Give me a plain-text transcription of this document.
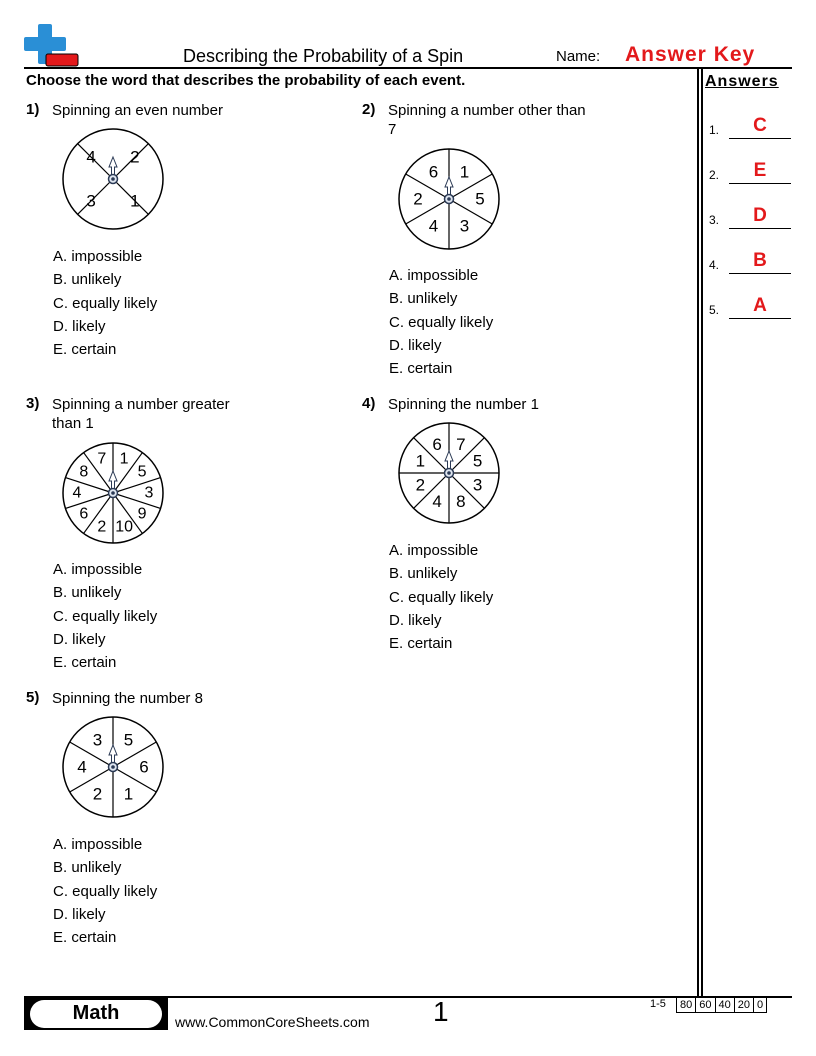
Describing the Probability of a Spin	Name: Answer Key
Choose the word that describes the probability of each event.	Answers
1.	C
2.	E
3.	D
4.	B
5.	A
1) Spinning an even number
2
1
3
4
A. impossible
B. unlikely
C. equally likely
D. likely
E. certain
2) Spinning a number other than 7
1
5
3
4
2
6
A. impossible
B. unlikely
C. equally likely
D. likely
E. certain
3) Spinning a number greater than 1
1
5
3
9
10
2
6
4
8
7
A. impossible
B. unlikely
C. equally likely
D. likely
E. certain
4) Spinning the number 1
7
5
3
8
4
2
1
6
A. impossible
B. unlikely
C. equally likely
D. likely
E. certain
5) Spinning the number 8
5
6
1
2
4
3
A. impossible
B. unlikely
C. equally likely
D. likely
E. certain
Math	www.CommonCoreSheets.com 1	1-5 80	60	40	20	0
